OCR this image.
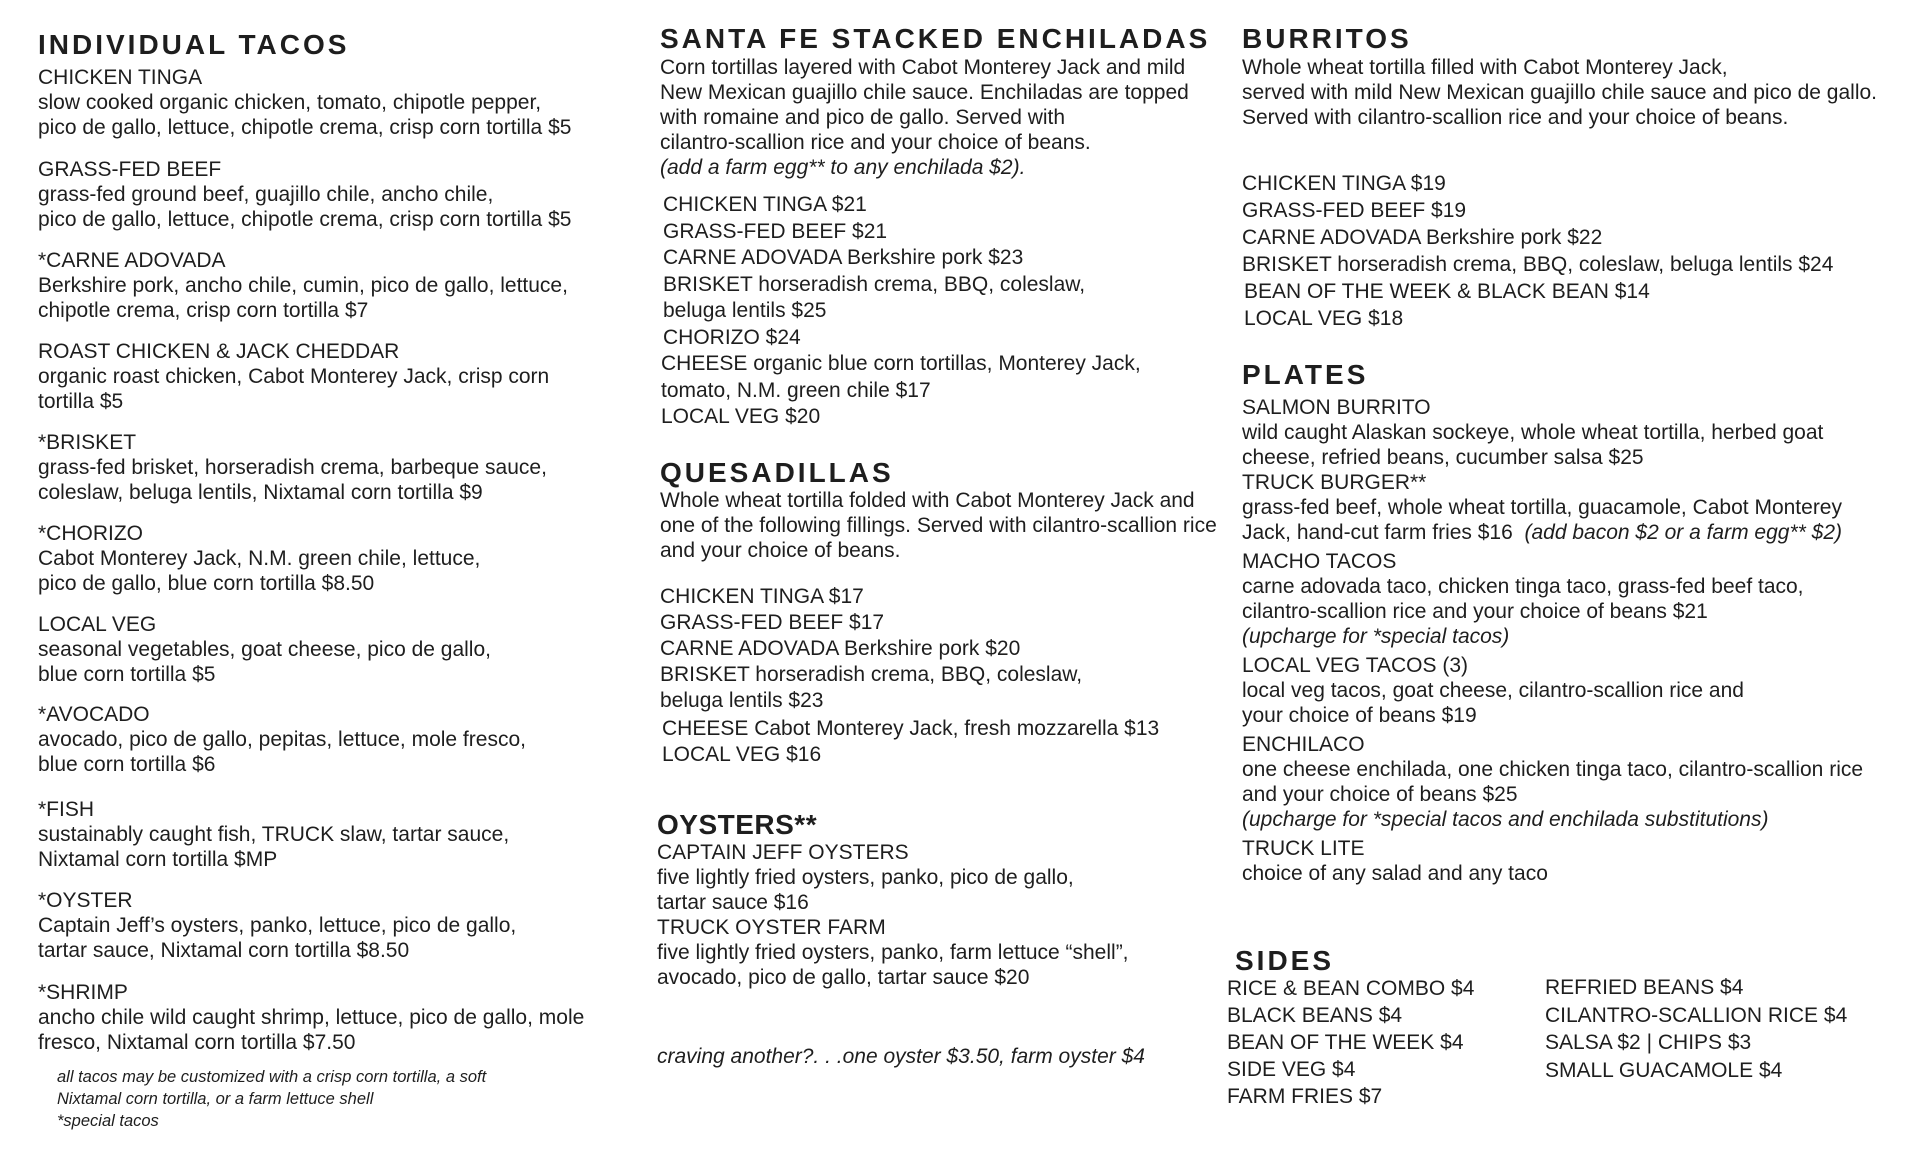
INDIVIDUAL TACOS
CHICKEN TINGA
slow cooked organic chicken, tomato, chipotle pepper,
pico de gallo, lettuce, chipotle crema, crisp corn tortilla $5
GRASS-FED BEEF
grass-fed ground beef, guajillo chile, ancho chile,
pico de gallo, lettuce, chipotle crema, crisp corn tortilla $5
*CARNE ADOVADA
Berkshire pork, ancho chile, cumin, pico de gallo, lettuce,
chipotle crema, crisp corn tortilla $7
ROAST CHICKEN & JACK CHEDDAR
organic roast chicken, Cabot Monterey Jack, crisp corn
tortilla $5
*BRISKET
grass-fed brisket, horseradish crema, barbeque sauce,
coleslaw, beluga lentils, Nixtamal corn tortilla $9
*CHORIZO
Cabot Monterey Jack, N.M. green chile, lettuce,
pico de gallo, blue corn tortilla $8.50
LOCAL VEG
seasonal vegetables, goat cheese, pico de gallo,
blue corn tortilla $5
*AVOCADO
avocado, pico de gallo, pepitas, lettuce, mole fresco,
blue corn tortilla $6
*FISH
sustainably caught fish, TRUCK slaw, tartar sauce,
Nixtamal corn tortilla $MP
*OYSTER
Captain Jeff’s oysters, panko, lettuce, pico de gallo,
tartar sauce, Nixtamal corn tortilla $8.50
*SHRIMP
ancho chile wild caught shrimp, lettuce, pico de gallo, mole
fresco, Nixtamal corn tortilla $7.50
all tacos may be customized with a crisp corn tortilla, a soft
Nixtamal corn tortilla, or a farm lettuce shell
*special tacos
SANTA FE STACKED ENCHILADAS
Corn tortillas layered with Cabot Monterey Jack and mild
New Mexican guajillo chile sauce. Enchiladas are topped
with romaine and pico de gallo. Served with
cilantro-scallion rice and your choice of beans.
(add a farm egg** to any enchilada $2).
CHICKEN TINGA $21
GRASS-FED BEEF $21
CARNE ADOVADA Berkshire pork $23
BRISKET horseradish crema, BBQ, coleslaw,
beluga lentils $25
CHORIZO $24
CHEESE organic blue corn tortillas, Monterey Jack,
tomato, N.M. green chile $17
LOCAL VEG $20
QUESADILLAS
Whole wheat tortilla folded with Cabot Monterey Jack and
one of the following fillings. Served with cilantro-scallion rice
and your choice of beans.
CHICKEN TINGA $17
GRASS-FED BEEF $17
CARNE ADOVADA Berkshire pork $20
BRISKET horseradish crema, BBQ, coleslaw,
beluga lentils $23
CHEESE Cabot Monterey Jack, fresh mozzarella $13
LOCAL VEG $16
OYSTERS**
CAPTAIN JEFF OYSTERS
five lightly fried oysters, panko, pico de gallo,
tartar sauce $16
TRUCK OYSTER FARM
five lightly fried oysters, panko, farm lettuce “shell”,
avocado, pico de gallo, tartar sauce $20
craving another?. . .one oyster $3.50, farm oyster $4
BURRITOS
Whole wheat tortilla filled with Cabot Monterey Jack,
served with mild New Mexican guajillo chile sauce and pico de gallo.
Served with cilantro-scallion rice and your choice of beans.
CHICKEN TINGA $19
GRASS-FED BEEF $19
CARNE ADOVADA Berkshire pork $22
BRISKET horseradish crema, BBQ, coleslaw, beluga lentils $24
BEAN OF THE WEEK & BLACK BEAN $14
LOCAL VEG $18
PLATES
SALMON BURRITO
wild caught Alaskan sockeye, whole wheat tortilla, herbed goat
cheese, refried beans, cucumber salsa $25
TRUCK BURGER**
grass-fed beef, whole wheat tortilla, guacamole, Cabot Monterey
Jack, hand-cut farm fries $16 (add bacon $2 or a farm egg** $2)
MACHO TACOS
carne adovada taco, chicken tinga taco, grass-fed beef taco,
cilantro-scallion rice and your choice of beans $21
(upcharge for *special tacos)
LOCAL VEG TACOS (3)
local veg tacos, goat cheese, cilantro-scallion rice and
your choice of beans $19
ENCHILACO
one cheese enchilada, one chicken tinga taco, cilantro-scallion rice
and your choice of beans $25
(upcharge for *special tacos and enchilada substitutions)
TRUCK LITE
choice of any salad and any taco
SIDES
RICE & BEAN COMBO $4
BLACK BEANS $4
BEAN OF THE WEEK $4
SIDE VEG $4
FARM FRIES $7
REFRIED BEANS $4
CILANTRO-SCALLION RICE $4
SALSA $2 | CHIPS $3
SMALL GUACAMOLE $4
